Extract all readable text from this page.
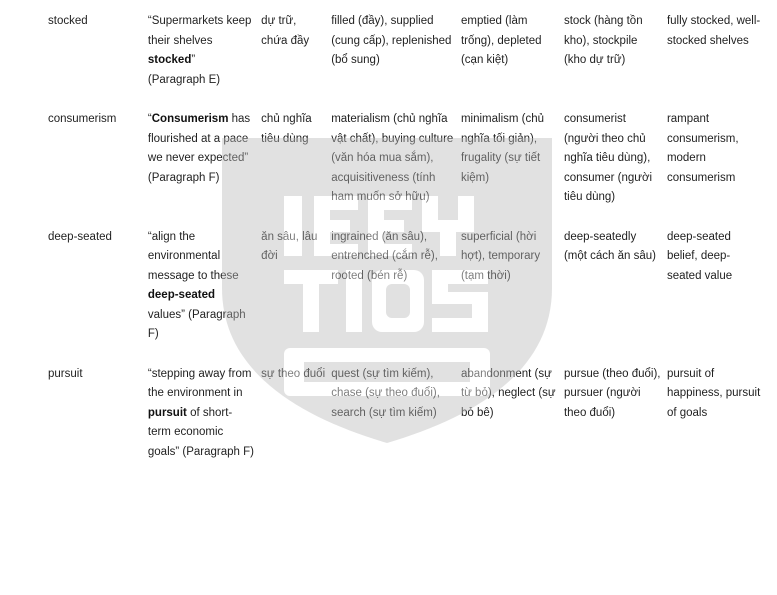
stocked	“Supermarkets keep their shelves stocked” (Paragraph E)	dự trữ, chứa đầy	filled (đầy), supplied (cung cấp), replenished (bổ sung)	emptied (làm trống), depleted (cạn kiệt)	stock (hàng tồn kho), stockpile (kho dự trữ)	fully stocked, well-stocked shelves
consumerism	“Consumerism has flourished at a pace we never expected” (Paragraph F)	chủ nghĩa tiêu dùng	materialism (chủ nghĩa vật chất), buying culture (văn hóa mua sắm), acquisitiveness (tính ham muốn sở hữu)	minimalism (chủ nghĩa tối giản), frugality (sự tiết kiệm)	consumerist (người theo chủ nghĩa tiêu dùng), consumer (người tiêu dùng)	rampant consumerism, modern consumerism
deep-seated	“align the environmental message to these deep-seated values” (Paragraph F)	ăn sâu, lâu đời	ingrained (ăn sâu), entrenched (cắm rễ), rooted (bén rễ)	superficial (hời hợt), temporary (tạm thời)	deep-seatedly (một cách ăn sâu)	deep-seated belief, deep-seated value
pursuit	“stepping away from the environment in pursuit of short-term economic goals” (Paragraph F)	sự theo đuổi	quest (sự tìm kiếm), chase (sự theo đuổi), search (sự tìm kiếm)	abandonment (sự từ bỏ), neglect (sự bỏ bê)	pursue (theo đuổi), pursuer (người theo đuổi)	pursuit of happiness, pursuit of goals
